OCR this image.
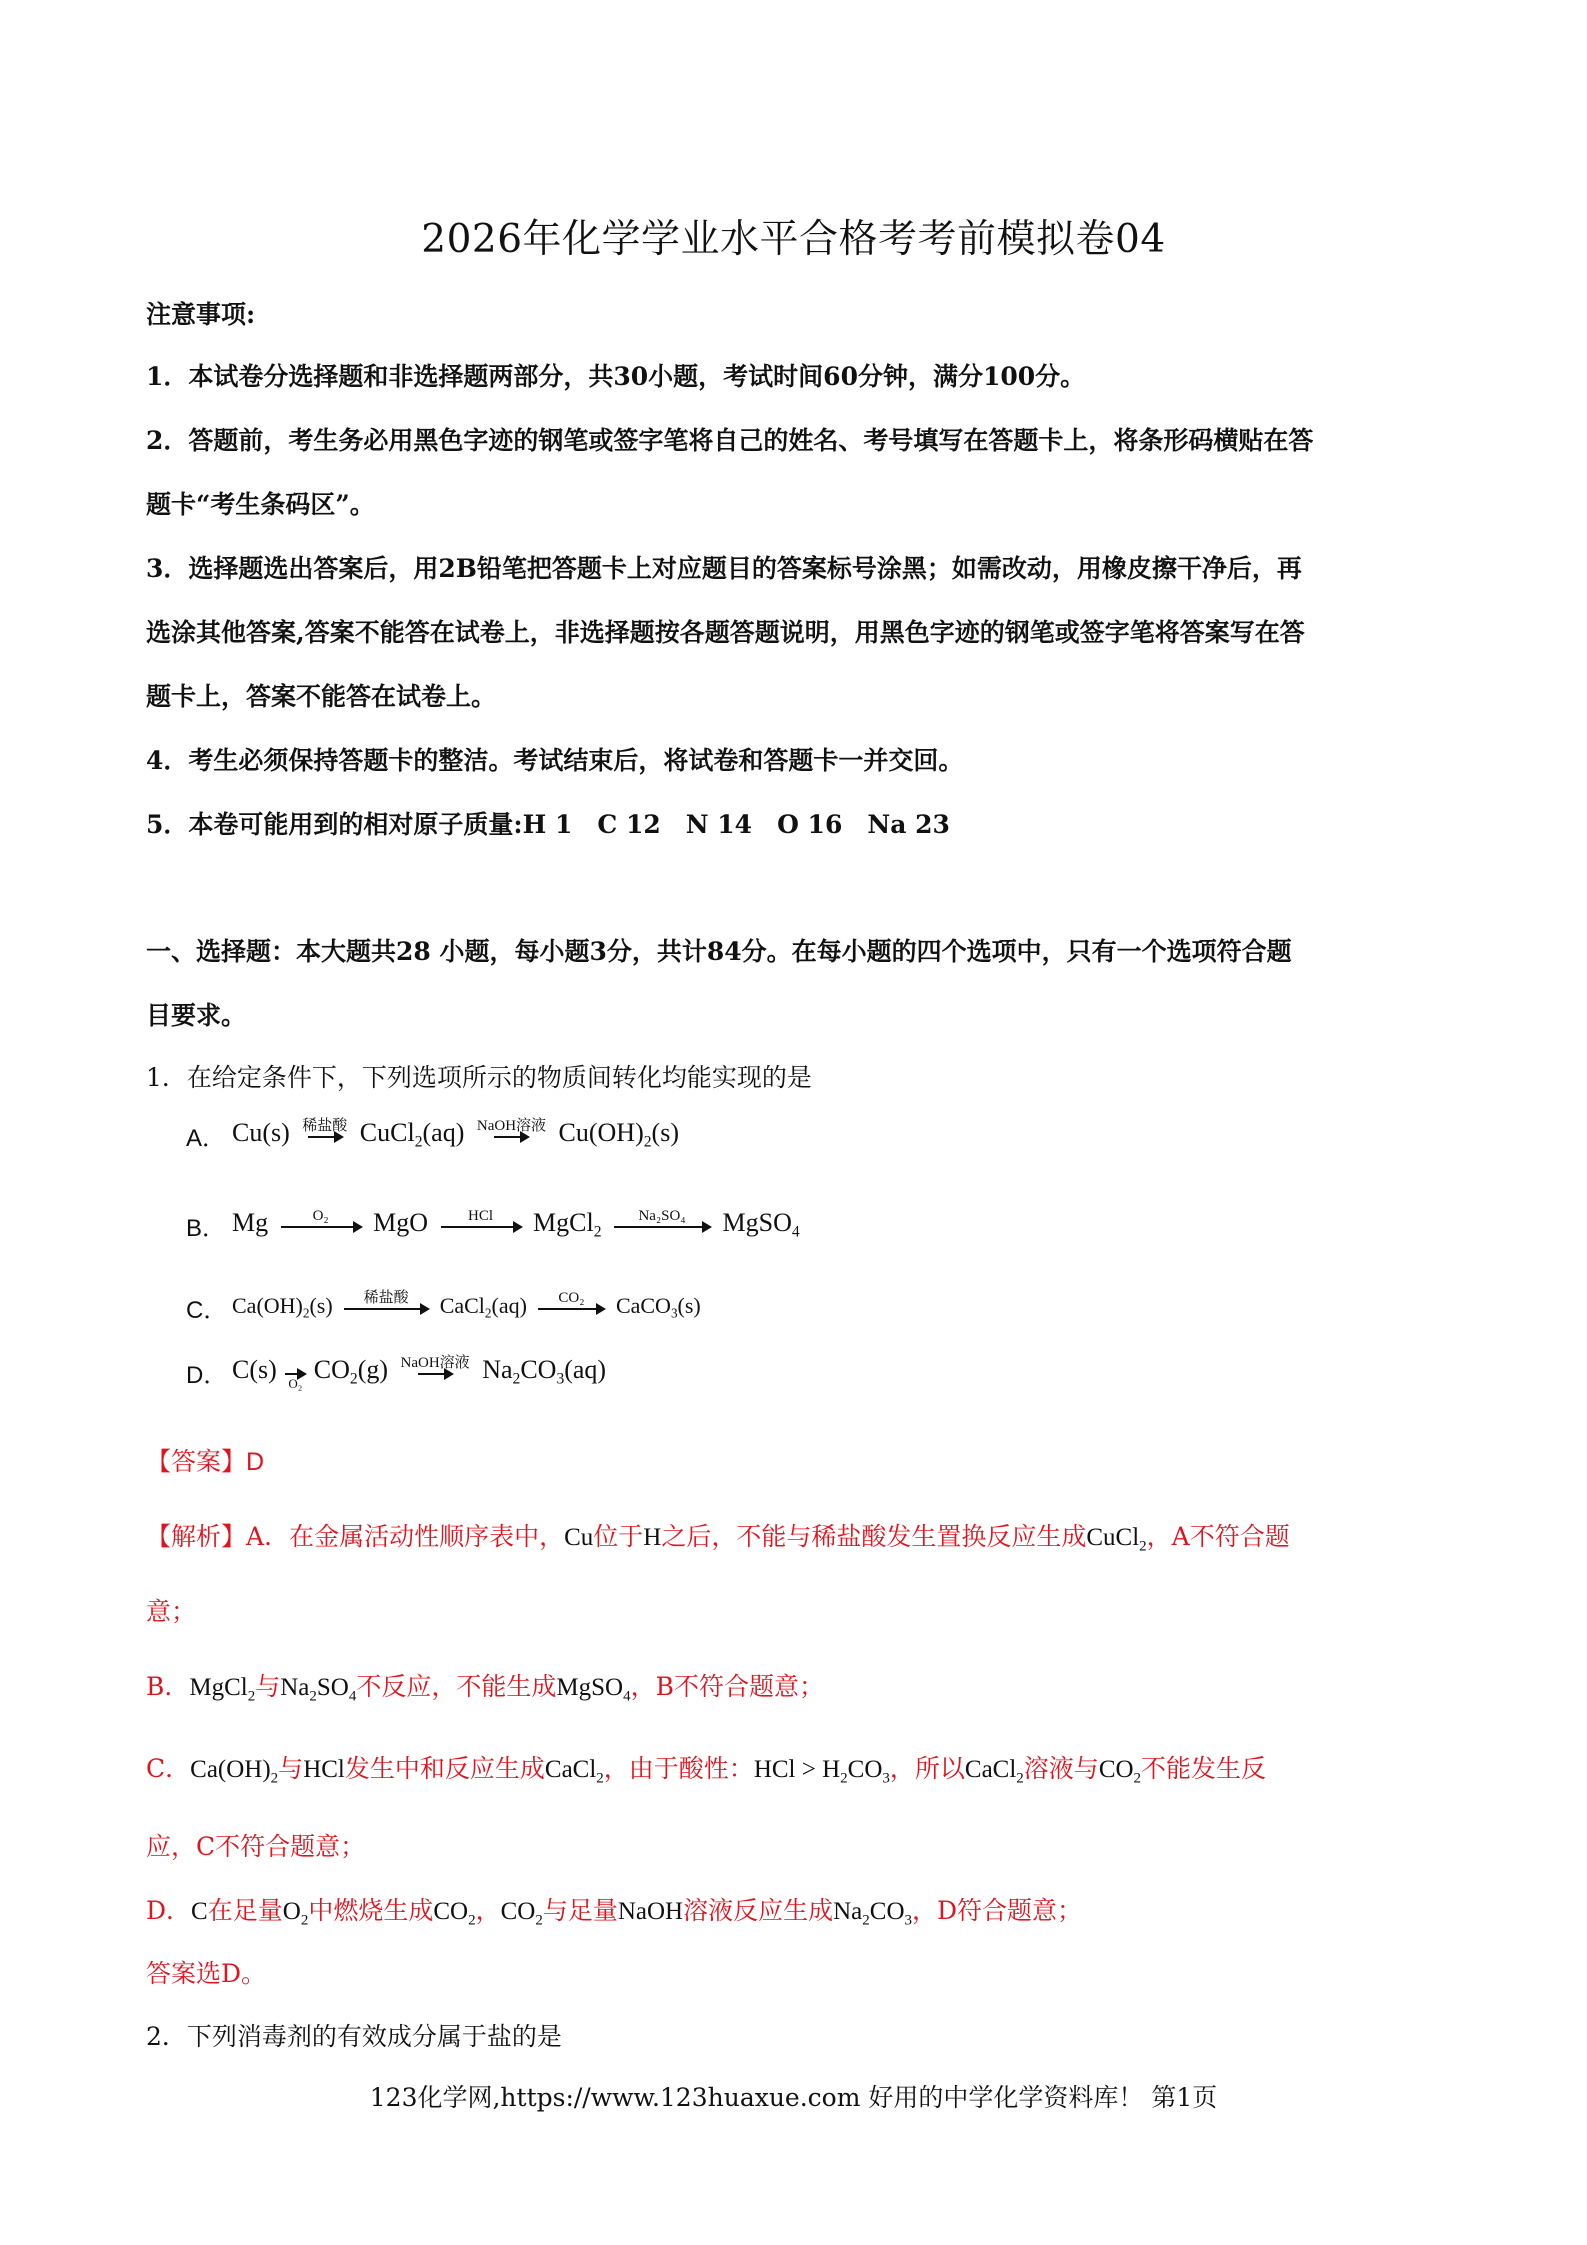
2026年化学学业水平合格考考前模拟卷04
注意事项:
1．本试卷分选择题和非选择题两部分，共30小题，考试时间60分钟，满分100分。
2．答题前，考生务必用黑色字迹的钢笔或签字笔将自己的姓名、考号填写在答题卡上，将条形码横贴在答
题卡“考生条码区”。
3．选择题选出答案后，用2B铅笔把答题卡上对应题目的答案标号涂黑；如需改动，用橡皮擦干净后，再
选涂其他答案,答案不能答在试卷上，非选择题按各题答题说明，用黑色字迹的钢笔或签字笔将答案写在答
题卡上，答案不能答在试卷上。
4．考生必须保持答题卡的整洁。考试结束后，将试卷和答题卡一并交回。
5．本卷可能用到的相对原子质量:H 1　C 12　N 14　O 16　Na 23
一、选择题：本大题共28 小题，每小题3分，共计84分。在每小题的四个选项中，只有一个选项符合题
目要求。
1．在给定条件下，下列选项所示的物质间转化均能实现的是
A． Cu(s) 稀盐酸 CuCl$_2$(aq) NaOH溶液 $Cu(OH)_2(s)$
B． Mg	O₂ MgO	HCl MgCl$_2$
Na₂SO₄ MgSO$_4$
C． $Ca(OH)_2(s)$ 稀盐酸 CaCl$_2$(aq) CO₂ CaCO$_3$(s)
D． C(s) O₂ $CO_2(g)$ NaOH溶液 $Na_2CO_3(aq)$
【答案】D
【解析】A．在金属活动性顺序表中，Cu位于H之后，不能与稀盐酸发生置换反应生成CuCl$_2$，A不符合题
意；
B．MgCl$_2$与$Na_2SO_4$不反应，不能生成MgSO$_4$，B不符合题意；
C．$Ca(OH)_2$与HCl发生中和反应生成CaCl$_2$，由于酸性：HCl > $H_2CO_3$，所以CaCl$_2$溶液与$CO_2$不能发生反
应，C不符合题意；
D．C在足量$O_2$中燃烧生成$CO_2$，$CO_2$与足量NaOH溶液反应生成$Na_2CO_3$，D符合题意；
答案选D。
2．下列消毒剂的有效成分属于盐的是
123化学网,https://www.123huaxue.com 好用的中学化学资料库！ 第1页
